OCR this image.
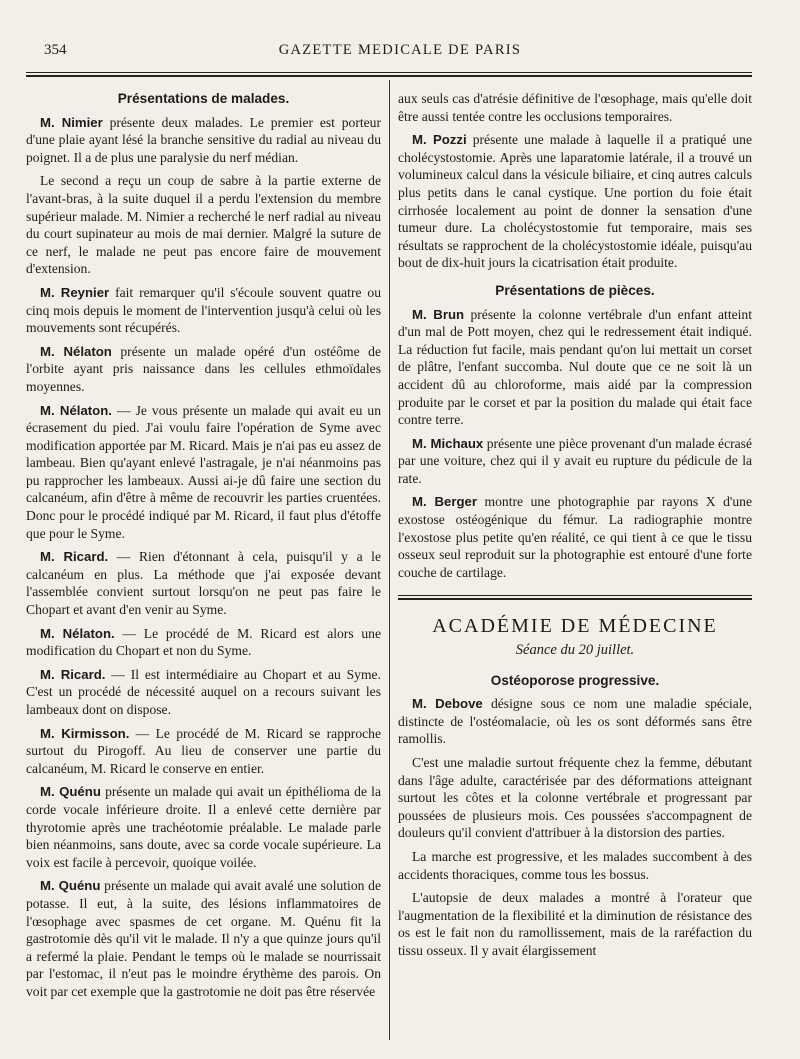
354	GAZETTE MEDICALE DE PARIS
Présentations de malades.

M. Nimier présente deux malades. Le premier est porteur d'une plaie ayant lésé la branche sensitive du radial au niveau du poignet. Il a de plus une paralysie du nerf médian.

Le second a reçu un coup de sabre à la partie externe de l'avant-bras, à la suite duquel il a perdu l'extension du membre supérieur malade. M. Nimier a recherché le nerf radial au niveau du court supinateur au mois de mai dernier. Malgré la suture de ce nerf, le malade ne peut pas encore faire de mouvement d'extension.

M. Reynier fait remarquer qu'il s'écoule souvent quatre ou cinq mois depuis le moment de l'intervention jusqu'à celui où les mouvements sont récupérés.

M. Nélaton présente un malade opéré d'un ostéôme de l'orbite ayant pris naissance dans les cellules ethmoïdales moyennes.

M. Nélaton. — Je vous présente un malade qui avait eu un écrasement du pied. J'ai voulu faire l'opération de Syme avec modification apportée par M. Ricard. Mais je n'ai pas eu assez de lambeau. Bien qu'ayant enlevé l'astragale, je n'ai néanmoins pas pu rapprocher les lambeaux. Aussi ai-je dû faire une section du calcanéum, afin d'être à même de recouvrir les parties cruentées. Donc pour le procédé indiqué par M. Ricard, il faut plus d'étoffe que pour le Syme.

M. Ricard. — Rien d'étonnant à cela, puisqu'il y a le calcanéum en plus. La méthode que j'ai exposée devant l'assemblée convient surtout lorsqu'on ne peut pas faire le Chopart et avant d'en venir au Syme.

M. Nélaton. — Le procédé de M. Ricard est alors une modification du Chopart et non du Syme.

M. Ricard. — Il est intermédiaire au Chopart et au Syme. C'est un procédé de nécessité auquel on a recours suivant les lambeaux dont on dispose.

M. Kirmisson. — Le procédé de M. Ricard se rapproche surtout du Pirogoff. Au lieu de conserver une partie du calcanéum, M. Ricard le conserve en entier.

M. Quénu présente un malade qui avait un épithélioma de la corde vocale inférieure droite. Il a enlevé cette dernière par thyrotomie après une trachéotomie préalable. Le malade parle bien néanmoins, sans doute, avec sa corde vocale supérieure. La voix est facile à percevoir, quoique voilée.

M. Quénu présente un malade qui avait avalé une solution de potasse. Il eut, à la suite, des lésions inflammatoires de l'œsophage avec spasmes de cet organe. M. Quénu fit la gastrotomie dès qu'il vit le malade. Il n'y a que quinze jours qu'il a refermé la plaie. Pendant le temps où le malade se nourrissait par l'estomac, il n'eut pas le moindre érythème des parois. On voit par cet exemple que la gastrotomie ne doit pas être réservée

aux seuls cas d'atrésie définitive de l'œsophage, mais qu'elle doit être aussi tentée contre les occlusions temporaires.

M. Pozzi présente une malade à laquelle il a pratiqué une cholécystostomie. Après une laparatomie latérale, il a trouvé un volumineux calcul dans la vésicule biliaire, et cinq autres calculs plus petits dans le canal cystique. Une portion du foie était cirrhosée localement au point de donner la sensation d'une tumeur dure. La cholécystostomie fut temporaire, mais ses résultats se rapprochent de la cholécystostomie idéale, puisqu'au bout de dix-huit jours la cicatrisation était produite.

Présentations de pièces.

M. Brun présente la colonne vertébrale d'un enfant atteint d'un mal de Pott moyen, chez qui le redressement était indiqué. La réduction fut facile, mais pendant qu'on lui mettait un corset de plâtre, l'enfant succomba. Nul doute que ce ne soit là un accident dû au chloroforme, mais aidé par la compression produite par le corset et par la position du malade qui était face contre terre.

M. Michaux présente une pièce provenant d'un malade écrasé par une voiture, chez qui il y avait eu rupture du pédicule de la rate.

M. Berger montre une photographie par rayons X d'une exostose ostéogénique du fémur. La radiographie montre l'exostose plus petite qu'en réalité, ce qui tient à ce que le tissu osseux seul reproduit sur la photographie est entouré d'une forte couche de cartilage.

ACADÉMIE DE MÉDECINE
Séance du 20 juillet.
Ostéoporose progressive.

M. Debove désigne sous ce nom une maladie spéciale, distincte de l'ostéomalacie, où les os sont déformés sans être ramollis.

C'est une maladie surtout fréquente chez la femme, débutant dans l'âge adulte, caractérisée par des déformations atteignant surtout les côtes et la colonne vertébrale et progressant par poussées de plusieurs mois. Ces poussées s'accompagnent de douleurs qu'il convient d'attribuer à la distorsion des parties.

La marche est progressive, et les malades succombent à des accidents thoraciques, comme tous les bossus.

L'autopsie de deux malades a montré à l'orateur que l'augmentation de la flexibilité et la diminution de résistance des os est le fait non du ramollissement, mais de la raréfaction du tissu osseux. Il y avait élargissement
